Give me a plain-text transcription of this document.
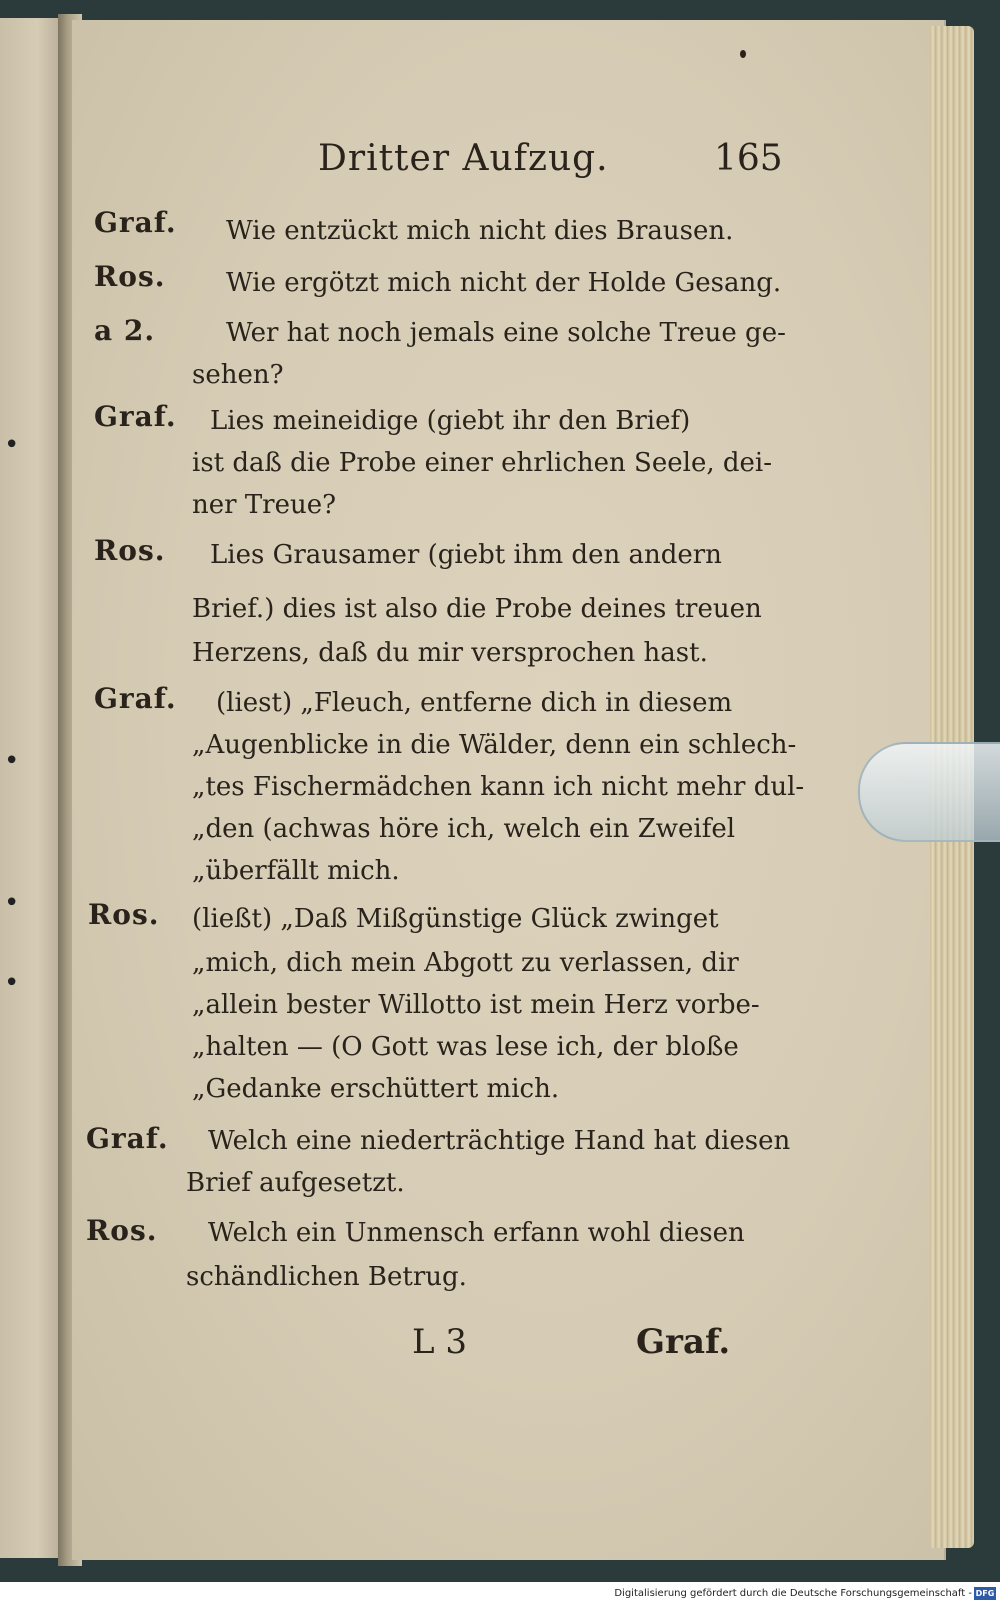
•
•
•
•
Dritter Aufzug.	165
Graf. Wie entzückt mich nicht dies Brausen.
Ros. Wie ergötzt mich nicht der Holde Gesang.
a 2.	Wer hat noch jemals eine solche Treue ge-
sehen?
Graf. Lies meineidige (giebt ihr den Brief)
ist daß die Probe einer ehrlichen Seele, dei-
ner Treue?
Ros. Lies Grausamer (giebt ihm den andern
Brief.) dies ist also die Probe deines treuen
Herzens, daß du mir versprochen hast.
Graf. (liest) „Fleuch, entferne dich in diesem
„Augenblicke in die Wälder, denn ein schlech-
„tes Fischermädchen kann ich nicht mehr dul-
„den (achwas höre ich, welch ein Zweifel
„überfällt mich.
Ros. (ließt) „Daß Mißgünstige Glück zwinget
„mich, dich mein Abgott zu verlassen, dir
„allein bester Willotto ist mein Herz vorbe-
„halten — (O Gott was lese ich, der bloße
„Gedanke erschüttert mich.
Graf. Welch eine niederträchtige Hand hat diesen
Brief aufgesetzt.
Ros. Welch ein Unmensch erfann wohl diesen
schändlichen Betrug.
L 3	Graf.
Digitalisierung gefördert durch die Deutsche Forschungsgemeinschaft - DFG
